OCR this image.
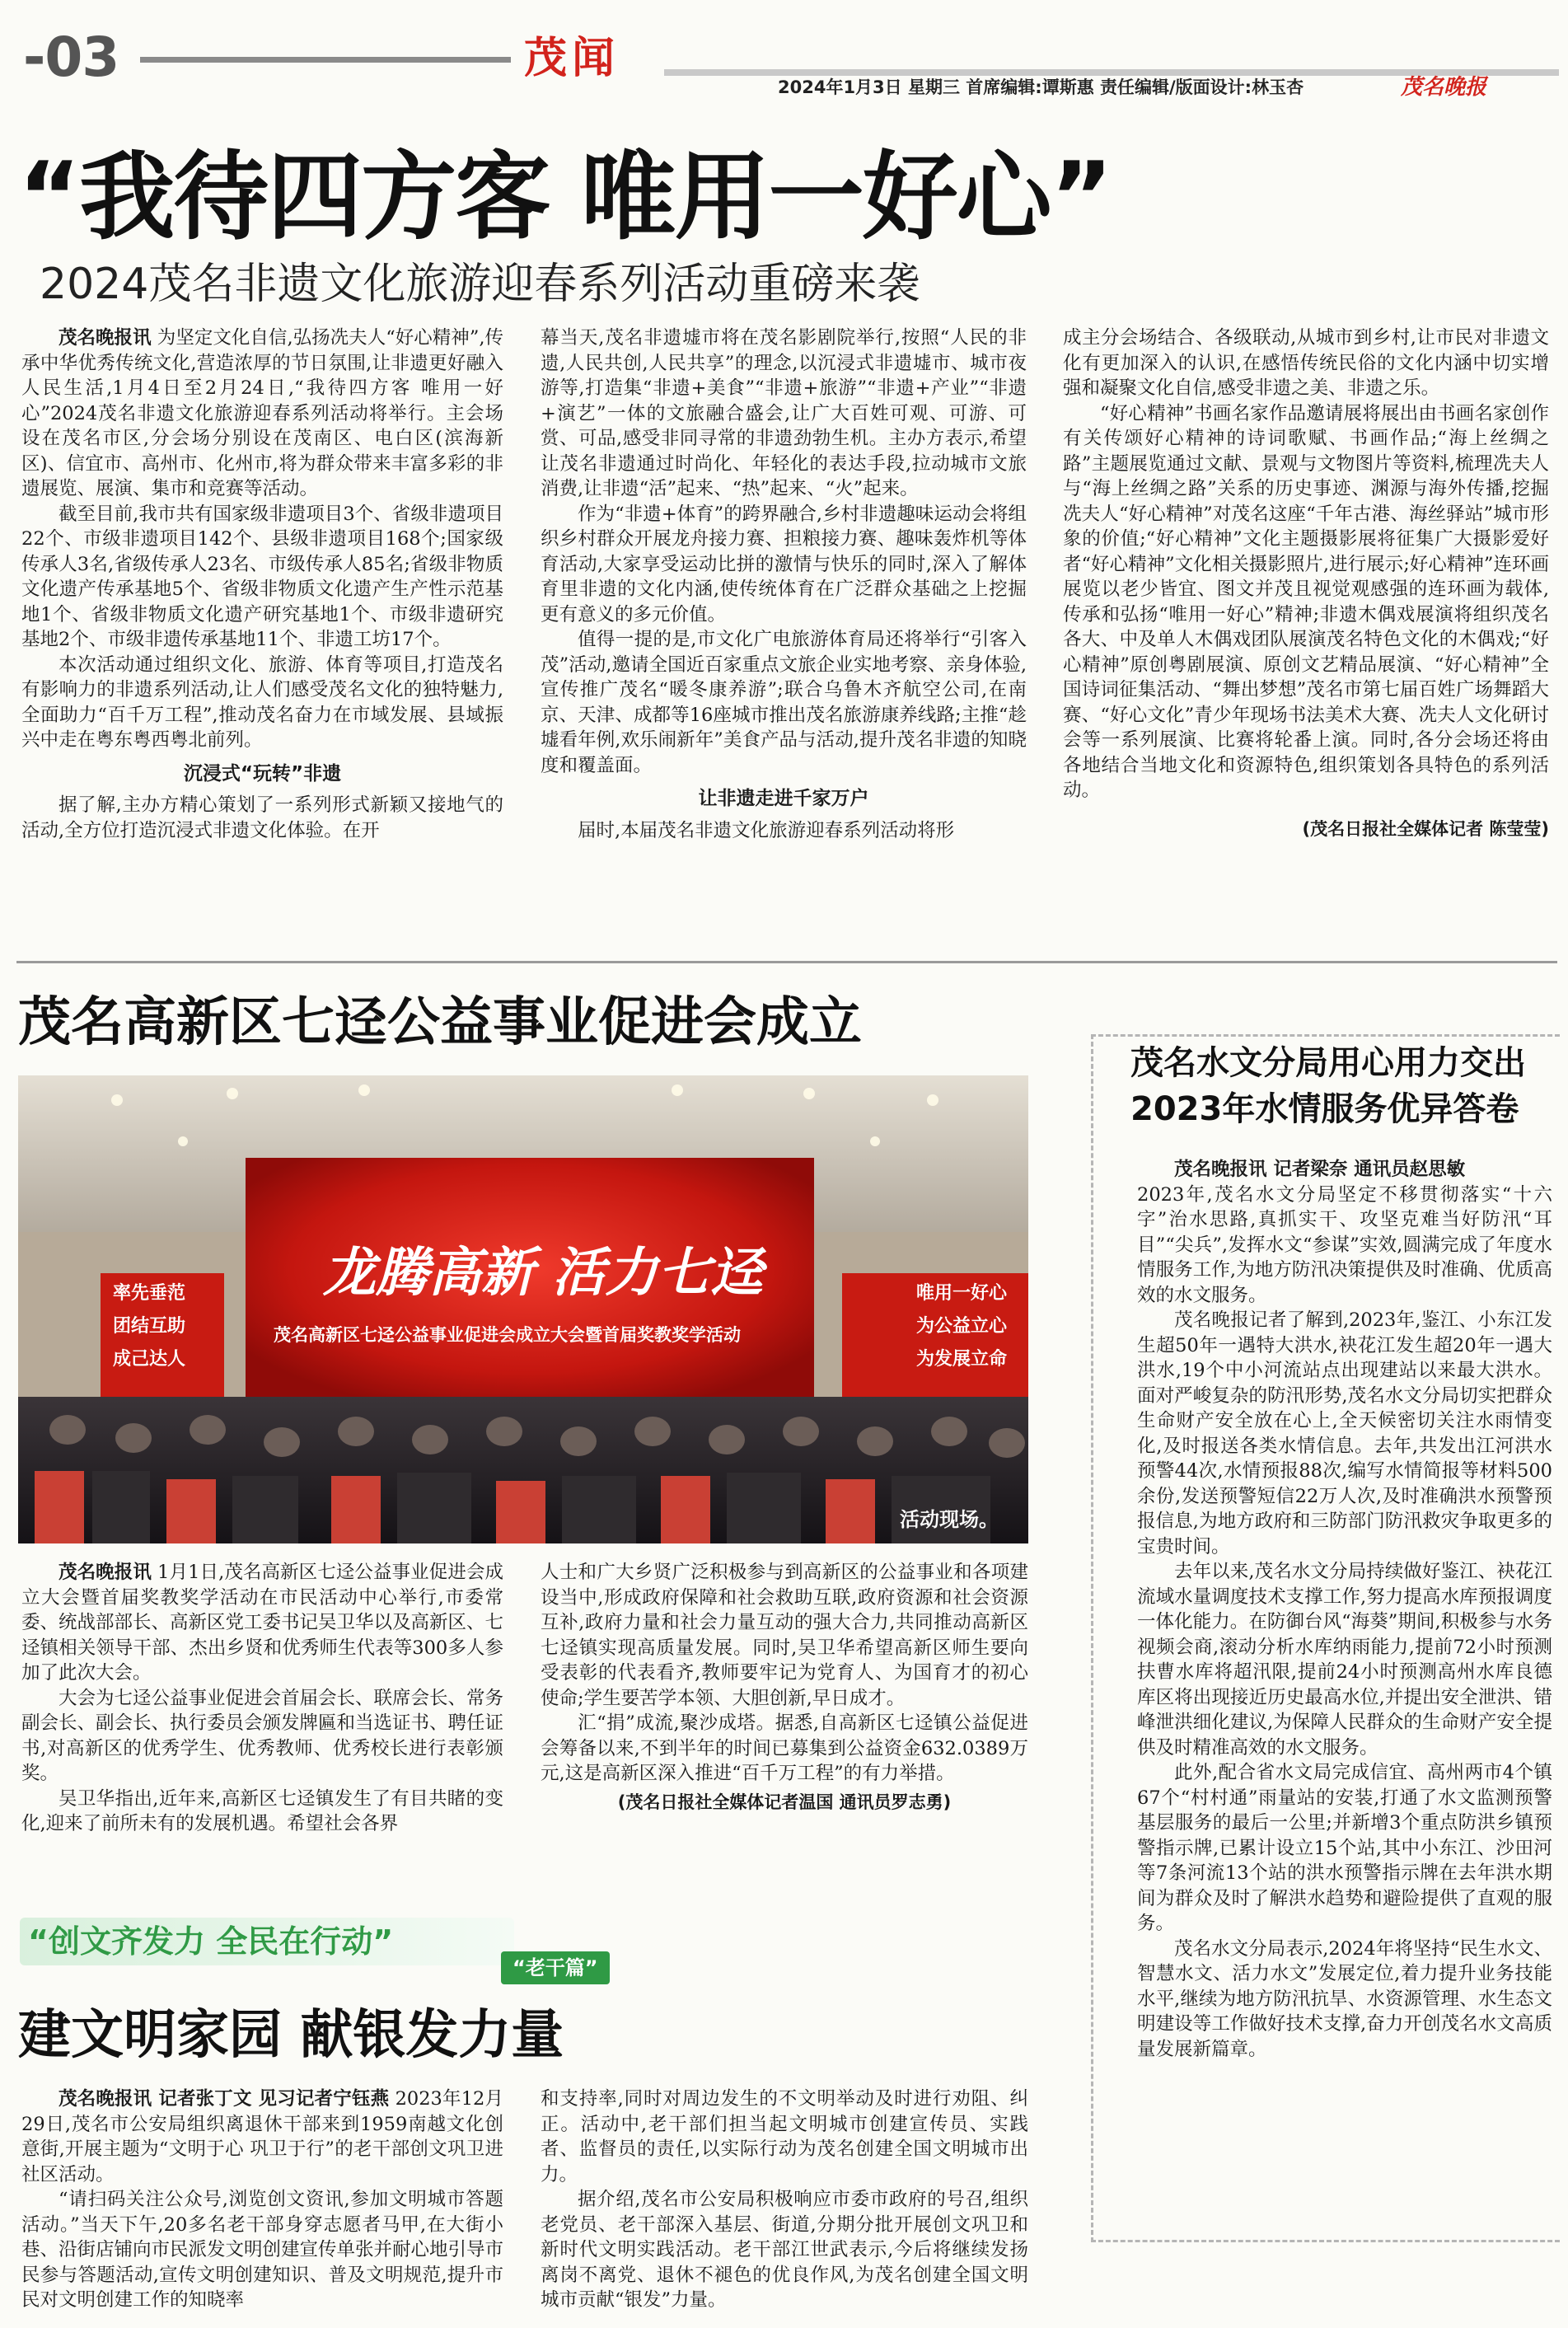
-03	茂闻
2024年1月3日 星期三 首席编辑:谭斯惠 责任编辑/版面设计:林玉杏	茂名晚报
“我待四方客 唯用一好心”
2024茂名非遗文化旅游迎春系列活动重磅来袭

茂名晚报讯 为坚定文化自信,弘扬冼夫人“好心精神”,传承中华优秀传统文化,营造浓厚的节日氛围,让非遗更好融入人民生活,1月4日至2月24日,“我待四方客 唯用一好心”2024茂名非遗文化旅游迎春系列活动将举行。主会场设在茂名市区,分会场分别设在茂南区、电白区(滨海新区)、信宜市、高州市、化州市,将为群众带来丰富多彩的非遗展览、展演、集市和竞赛等活动。

截至目前,我市共有国家级非遗项目3个、省级非遗项目22个、市级非遗项目142个、县级非遗项目168个;国家级传承人3名,省级传承人23名、市级传承人85名;省级非物质文化遗产传承基地5个、省级非物质文化遗产生产性示范基地1个、省级非物质文化遗产研究基地1个、市级非遗研究基地2个、市级非遗传承基地11个、非遗工坊17个。

本次活动通过组织文化、旅游、体育等项目,打造茂名有影响力的非遗系列活动,让人们感受茂名文化的独特魅力,全面助力“百千万工程”,推动茂名奋力在市域发展、县域振兴中走在粤东粤西粤北前列。

沉浸式“玩转”非遗

据了解,主办方精心策划了一系列形式新颖又接地气的活动,全方位打造沉浸式非遗文化体验。在开

幕当天,茂名非遗墟市将在茂名影剧院举行,按照“人民的非遗,人民共创,人民共享”的理念,以沉浸式非遗墟市、城市夜游等,打造集“非遗+美食”“非遗+旅游”“非遗+产业”“非遗+演艺”一体的文旅融合盛会,让广大百姓可观、可游、可赏、可品,感受非同寻常的非遗劲勃生机。主办方表示,希望让茂名非遗通过时尚化、年轻化的表达手段,拉动城市文旅消费,让非遗“活”起来、“热”起来、“火”起来。

作为“非遗+体育”的跨界融合,乡村非遗趣味运动会将组织乡村群众开展龙舟接力赛、担粮接力赛、趣味轰炸机等体育活动,大家享受运动比拼的激情与快乐的同时,深入了解体育里非遗的文化内涵,使传统体育在广泛群众基础之上挖掘更有意义的多元价值。

值得一提的是,市文化广电旅游体育局还将举行“引客入茂”活动,邀请全国近百家重点文旅企业实地考察、亲身体验,宣传推广茂名“暖冬康养游”;联合乌鲁木齐航空公司,在南京、天津、成都等16座城市推出茂名旅游康养线路;主推“趁墟看年例,欢乐闹新年”美食产品与活动,提升茂名非遗的知晓度和覆盖面。

让非遗走进千家万户

届时,本届茂名非遗文化旅游迎春系列活动将形

成主分会场结合、各级联动,从城市到乡村,让市民对非遗文化有更加深入的认识,在感悟传统民俗的文化内涵中切实增强和凝聚文化自信,感受非遗之美、非遗之乐。

“好心精神”书画名家作品邀请展将展出由书画名家创作有关传颂好心精神的诗词歌赋、书画作品;“海上丝绸之路”主题展览通过文献、景观与文物图片等资料,梳理冼夫人与“海上丝绸之路”关系的历史事迹、渊源与海外传播,挖掘冼夫人“好心精神”对茂名这座“千年古港、海丝驿站”城市形象的价值;“好心精神”文化主题摄影展将征集广大摄影爱好者“好心精神”文化相关摄影照片,进行展示;好心精神”连环画展览以老少皆宜、图文并茂且视觉观感强的连环画为载体,传承和弘扬“唯用一好心”精神;非遗木偶戏展演将组织茂名各大、中及单人木偶戏团队展演茂名特色文化的木偶戏;“好心精神”原创粤剧展演、原创文艺精品展演、“好心精神”全国诗词征集活动、“舞出梦想”茂名市第七届百姓广场舞蹈大赛、“好心文化”青少年现场书法美术大赛、冼夫人文化研讨会等一系列展演、比赛将轮番上演。同时,各分会场还将由各地结合当地文化和资源特色,组织策划各具特色的系列活动。

(茂名日报社全媒体记者 陈莹莹)
茂名高新区七迳公益事业促进会成立
龙腾高新 活力七迳
茂名高新区七迳公益事业促进会成立大会暨首届奖教奖学活动
率先垂范
团结互助
成己达人
唯用一好心
为公益立心
为发展立命
活动现场。

茂名晚报讯 1月1日,茂名高新区七迳公益事业促进会成立大会暨首届奖教奖学活动在市民活动中心举行,市委常委、统战部部长、高新区党工委书记吴卫华以及高新区、七迳镇相关领导干部、杰出乡贤和优秀师生代表等300多人参加了此次大会。

大会为七迳公益事业促进会首届会长、联席会长、常务副会长、副会长、执行委员会颁发牌匾和当选证书、聘任证书,对高新区的优秀学生、优秀教师、优秀校长进行表彰颁奖。

吴卫华指出,近年来,高新区七迳镇发生了有目共睹的变化,迎来了前所未有的发展机遇。希望社会各界

人士和广大乡贤广泛积极参与到高新区的公益事业和各项建设当中,形成政府保障和社会救助互联,政府资源和社会资源互补,政府力量和社会力量互动的强大合力,共同推动高新区七迳镇实现高质量发展。同时,吴卫华希望高新区师生要向受表彰的代表看齐,教师要牢记为党育人、为国育才的初心使命;学生要苦学本领、大胆创新,早日成才。

汇“捐”成流,聚沙成塔。据悉,自高新区七迳镇公益促进会筹备以来,不到半年的时间已募集到公益资金632.0389万元,这是高新区深入推进“百千万工程”的有力举措。

(茂名日报社全媒体记者温国 通讯员罗志勇)
“创文齐发力 全民在行动”
“老干篇”
建文明家园 献银发力量

茂名晚报讯 记者张丁文 见习记者宁钰燕 2023年12月29日,茂名市公安局组织离退休干部来到1959南越文化创意街,开展主题为“文明于心 巩卫于行”的老干部创文巩卫进社区活动。

“请扫码关注公众号,浏览创文资讯,参加文明城市答题活动。”当天下午,20多名老干部身穿志愿者马甲,在大街小巷、沿街店铺向市民派发文明创建宣传单张并耐心地引导市民参与答题活动,宣传文明创建知识、普及文明规范,提升市民对文明创建工作的知晓率

和支持率,同时对周边发生的不文明举动及时进行劝阻、纠正。活动中,老干部们担当起文明城市创建宣传员、实践者、监督员的责任,以实际行动为茂名创建全国文明城市出力。

据介绍,茂名市公安局积极响应市委市政府的号召,组织老党员、老干部深入基层、街道,分期分批开展创文巩卫和新时代文明实践活动。老干部江世武表示,今后将继续发扬离岗不离党、退休不褪色的优良作风,为茂名创建全国文明城市贡献“银发”力量。

茂名水文分局用心用力交出
2023年水情服务优异答卷

茂名晚报讯 记者梁奈 通讯员赵思敏

2023年,茂名水文分局坚定不移贯彻落实“十六字”治水思路,真抓实干、攻坚克难当好防汛“耳目”“尖兵”,发挥水文“参谋”实效,圆满完成了年度水情服务工作,为地方防汛决策提供及时准确、优质高效的水文服务。

茂名晚报记者了解到,2023年,鉴江、小东江发生超50年一遇特大洪水,袂花江发生超20年一遇大洪水,19个中小河流站点出现建站以来最大洪水。面对严峻复杂的防汛形势,茂名水文分局切实把群众生命财产安全放在心上,全天候密切关注水雨情变化,及时报送各类水情信息。去年,共发出江河洪水预警44次,水情预报88次,编写水情简报等材料500余份,发送预警短信22万人次,及时准确洪水预警预报信息,为地方政府和三防部门防汛救灾争取更多的宝贵时间。

去年以来,茂名水文分局持续做好鉴江、袂花江流域水量调度技术支撑工作,努力提高水库预报调度一体化能力。在防御台风“海葵”期间,积极参与水务视频会商,滚动分析水库纳雨能力,提前72小时预测扶曹水库将超汛限,提前24小时预测高州水库良德库区将出现接近历史最高水位,并提出安全泄洪、错峰泄洪细化建议,为保障人民群众的生命财产安全提供及时精准高效的水文服务。

此外,配合省水文局完成信宜、高州两市4个镇67个“村村通”雨量站的安装,打通了水文监测预警基层服务的最后一公里;并新增3个重点防洪乡镇预警指示牌,已累计设立15个站,其中小东江、沙田河等7条河流13个站的洪水预警指示牌在去年洪水期间为群众及时了解洪水趋势和避险提供了直观的服务。

茂名水文分局表示,2024年将坚持“民生水文、智慧水文、活力水文”发展定位,着力提升业务技能水平,继续为地方防汛抗旱、水资源管理、水生态文明建设等工作做好技术支撑,奋力开创茂名水文高质量发展新篇章。
